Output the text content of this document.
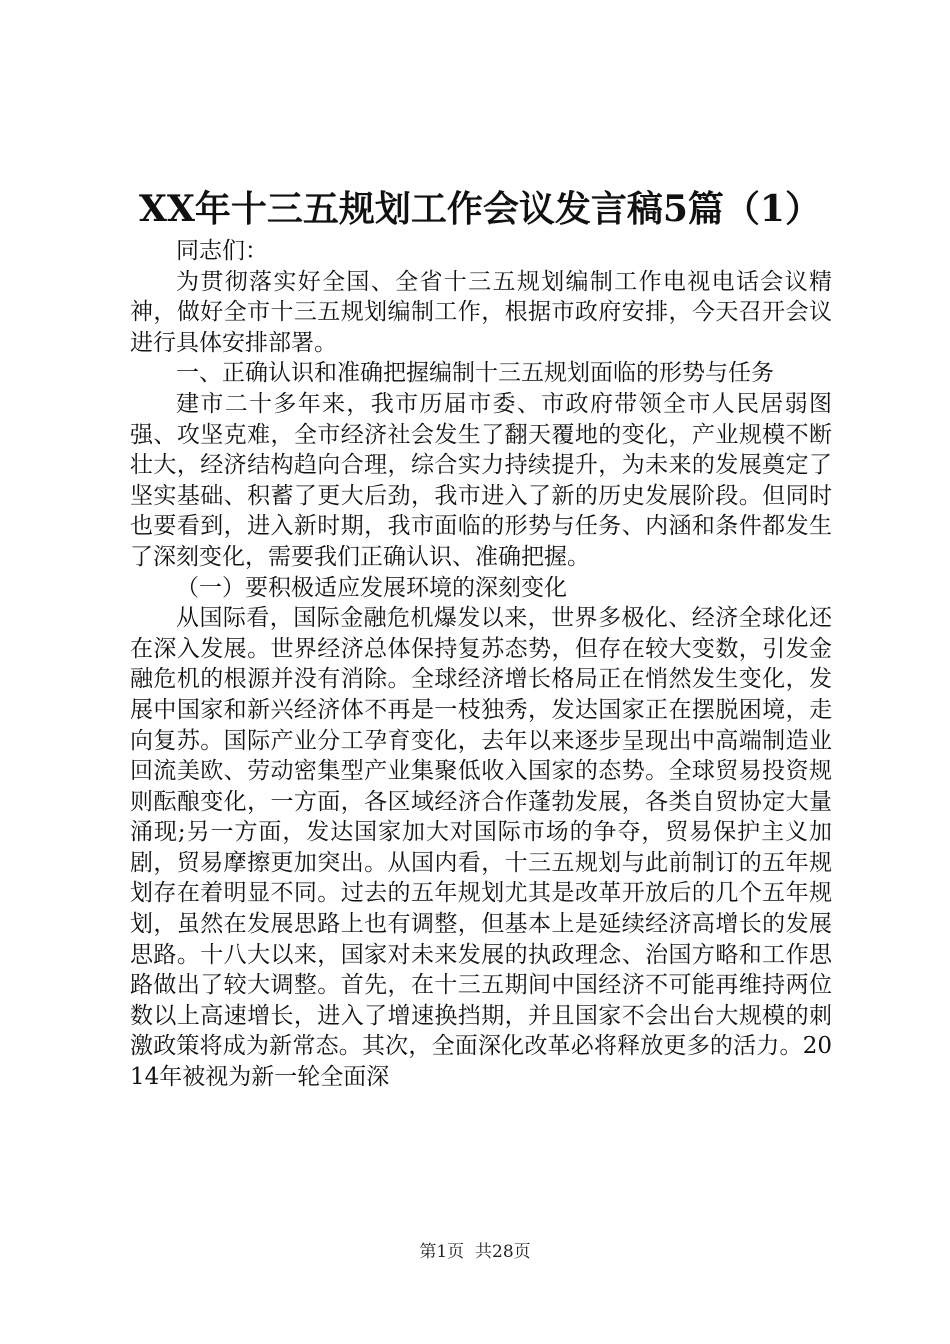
XX年十三五规划工作会议发言稿5篇（1）

同志们：

为贯彻落实好全国、全省十三五规划编制工作电视电话会议精神，做好全市十三五规划编制工作，根据市政府安排，今天召开会议进行具体安排部署。

一、正确认识和准确把握编制十三五规划面临的形势与任务

建市二十多年来，我市历届市委、市政府带领全市人民居弱图强、攻坚克难，全市经济社会发生了翻天覆地的变化，产业规模不断壮大，经济结构趋向合理，综合实力持续提升，为未来的发展奠定了坚实基础、积蓄了更大后劲，我市进入了新的历史发展阶段。但同时也要看到，进入新时期，我市面临的形势与任务、内涵和条件都发生了深刻变化，需要我们正确认识、准确把握。

（一）要积极适应发展环境的深刻变化

从国际看，国际金融危机爆发以来，世界多极化、经济全球化还在深入发展。世界经济总体保持复苏态势，但存在较大变数，引发金融危机的根源并没有消除。全球经济增长格局正在悄然发生变化，发展中国家和新兴经济体不再是一枝独秀，发达国家正在摆脱困境，走向复苏。国际产业分工孕育变化，去年以来逐步呈现出中高端制造业回流美欧、劳动密集型产业集聚低收入国家的态势。全球贸易投资规则酝酿变化，一方面，各区域经济合作蓬勃发展，各类自贸协定大量涌现;另一方面，发达国家加大对国际市场的争夺，贸易保护主义加剧，贸易摩擦更加突出。从国内看，十三五规划与此前制订的五年规划存在着明显不同。过去的五年规划尤其是改革开放后的几个五年规划，虽然在发展思路上也有调整，但基本上是延续经济高增长的发展思路。十八大以来，国家对未来发展的执政理念、治国方略和工作思路做出了较大调整。首先，在十三五期间中国经济不可能再维持两位数以上高速增长，进入了增速换挡期，并且国家不会出台大规模的刺激政策将成为新常态。其次，全面深化改革必将释放更多的活力。2014年被视为新一轮全面深

第1页 共28页
